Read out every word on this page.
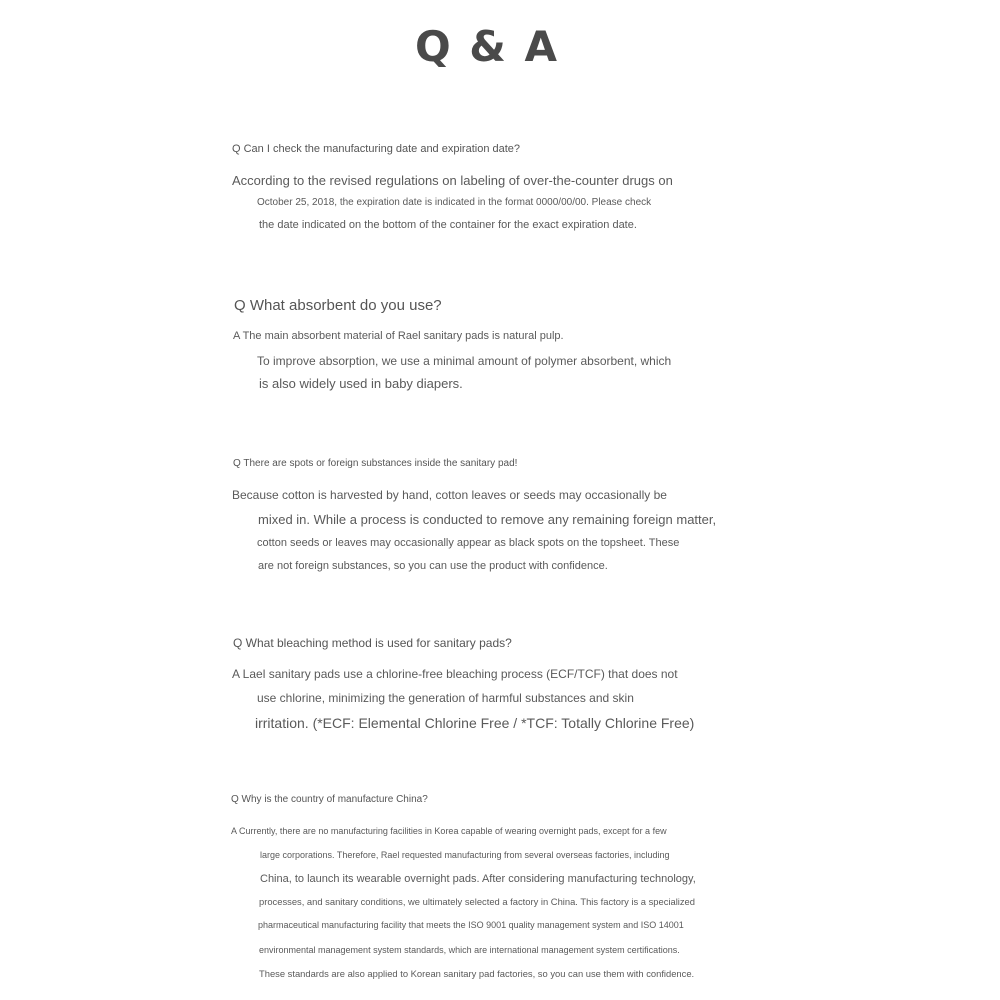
Q & A
Q Can I check the manufacturing date and expiration date?
According to the revised regulations on labeling of over-the-counter drugs on
October 25, 2018, the expiration date is indicated in the format 0000/00/00. Please check
the date indicated on the bottom of the container for the exact expiration date.
Q What absorbent do you use?
A The main absorbent material of Rael sanitary pads is natural pulp.
To improve absorption, we use a minimal amount of polymer absorbent, which
is also widely used in baby diapers.
Q There are spots or foreign substances inside the sanitary pad!
Because cotton is harvested by hand, cotton leaves or seeds may occasionally be
mixed in. While a process is conducted to remove any remaining foreign matter,
cotton seeds or leaves may occasionally appear as black spots on the topsheet. These
are not foreign substances, so you can use the product with confidence.
Q What bleaching method is used for sanitary pads?
A Lael sanitary pads use a chlorine-free bleaching process (ECF/TCF) that does not
use chlorine, minimizing the generation of harmful substances and skin
irritation. (*ECF: Elemental Chlorine Free / *TCF: Totally Chlorine Free)
Q Why is the country of manufacture China?
A Currently, there are no manufacturing facilities in Korea capable of wearing overnight pads, except for a few
large corporations. Therefore, Rael requested manufacturing from several overseas factories, including
China, to launch its wearable overnight pads. After considering manufacturing technology,
processes, and sanitary conditions, we ultimately selected a factory in China. This factory is a specialized
pharmaceutical manufacturing facility that meets the ISO 9001 quality management system and ISO 14001
environmental management system standards, which are international management system certifications.
These standards are also applied to Korean sanitary pad factories, so you can use them with confidence.
